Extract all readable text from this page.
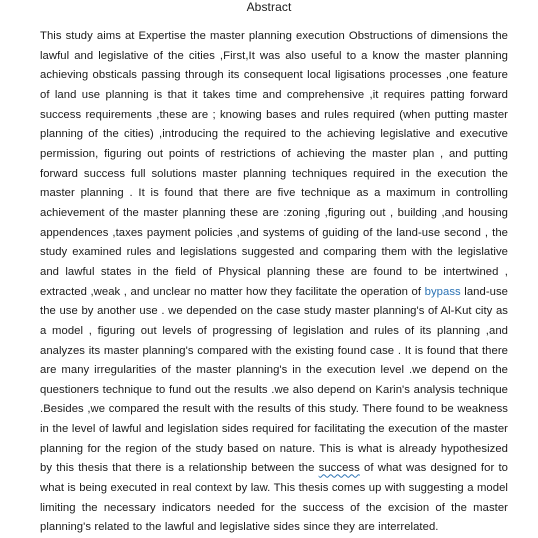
Abstract

This study aims at Expertise the master planning execution Obstructions of dimensions the lawful and legislative of the cities ,First,It was also useful to a know the master planning achieving obsticals passing through its consequent local ligisations processes ,one feature of land use planning is that it takes time and comprehensive ,it requires patting forward success requirements ,these are ; knowing bases and rules required (when putting master planning of the cities) ,introducing the required to the achieving legislative and executive permission, figuring out points of restrictions of achieving the master plan , and putting forward success full solutions master planning techniques required in the execution the master planning . It is found that there are five technique as a maximum in controlling achievement of the master planning these are :zoning ,figuring out , building ,and housing appendences ,taxes payment policies ,and systems of guiding of the land-use second , the study examined rules and legislations suggested and comparing them with the legislative and lawful states in the field of Physical planning these are found to be intertwined , extracted ,weak , and unclear no matter how they facilitate the operation of bypass land-use the use by another use . we depended on the case study master planning's of Al-Kut city as a model , figuring out levels of progressing of legislation and rules of its planning ,and analyzes its master planning's compared with the existing found case . It is found that there are many irregularities of the master planning's in the execution level .we depend on the questioners technique to fund out the results .we also depend on Karin's analysis technique .Besides ,we compared the result with the results of this study. There found to be weakness in the level of lawful and legislation sides required for facilitating the execution of the master planning for the region of the study based on nature. This is what is already hypothesized by this thesis that there is a relationship between the success of what was designed for to what is being executed in real context by law. This thesis comes up with suggesting a model limiting the necessary indicators needed for the success of the excision of the master planning's related to the lawful and legislative sides since they are interrelated.
